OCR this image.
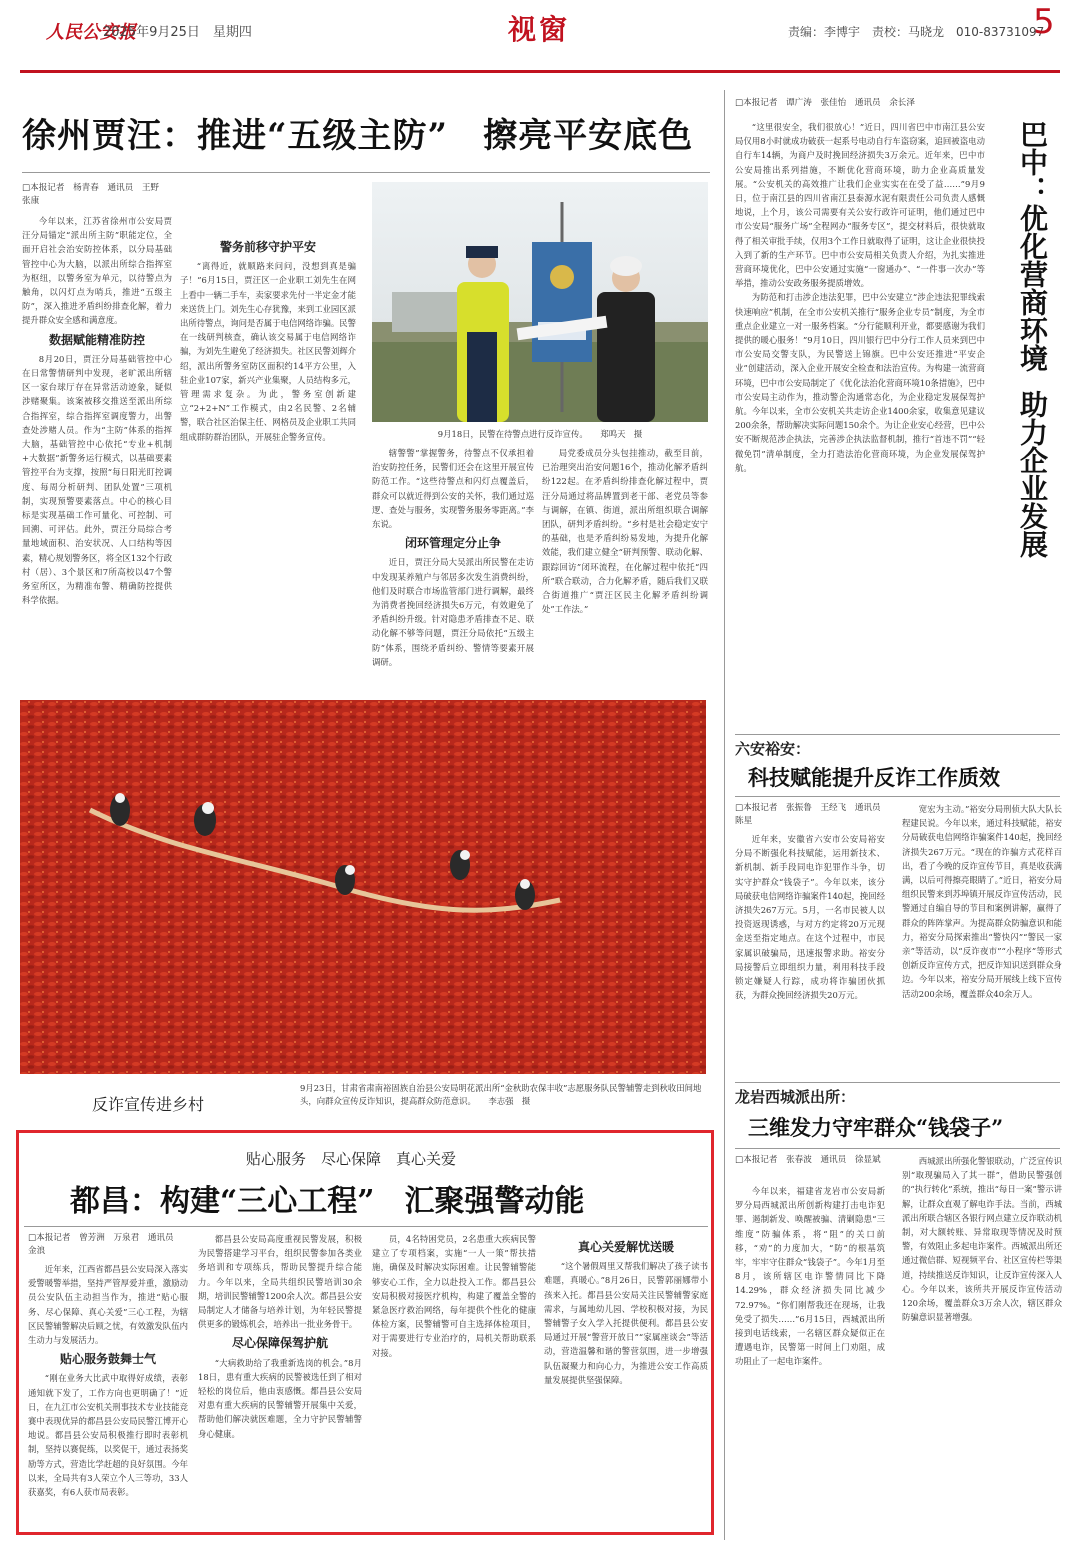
人民公安报
2025年9月25日　星期四	视窗	责编：李博宇　责校：马晓龙　010-83731097
5
徐州贾汪：推进“五级主防”　擦亮平安底色
□本报记者　杨青春　通讯员　王野　张康

今年以来，江苏省徐州市公安局贾汪分局锚定“派出所主防”职能定位，全面开启社会治安防控体系，以分局基础管控中心为大脑，以派出所综合指挥室为枢纽，以警务室为单元，以待警点为触角，以闪灯点为哨兵，推进“五级主防”，深入推进矛盾纠纷排查化解，着力提升群众安全感和满意度。

数据赋能精准防控

8月20日，贾汪分局基础管控中心在日常警情研判中发现，老旷派出所辖区一家台球厅存在异常活动迹象，疑似涉赌聚集。该案被移交推送至派出所综合指挥室，综合指挥室调度警力，出警查处涉赌人员。作为“主防”体系的指挥大脑，基础管控中心依托“专业+机制+大数据”新警务运行模式，以基础要素管控平台为支撑，按照“每日阳光盯控调度、每周分析研判、团队处置”三项机制，实现预警要素落点。中心的核心目标是实现基础工作可量化、可控制、可回溯、可评估。此外，贾汪分局综合考量地域面积、治安状况、人口结构等因素，精心规划警务区，将全区132个行政村（居）、3个景区和7所高校以47个警务室所区，为精准布警、精确防控提供科学依据。

警务前移守护平安

“离得近，就顺路来问问，没想到真是骗子！”6月15日，贾汪区一企业职工刘先生在网上看中一辆二手车，卖家要求先付一半定金才能来送货上门。刘先生心存犹豫，来到工业园区派出所待警点，询问是否属于电信网络诈骗。民警在一线研判核查，确认该交易属于电信网络诈骗，为刘先生避免了经济损失。社区民警刘辉介绍，派出所警务室防区面积约14平方公里，入驻企业107家，新兴产业集聚，人员结构多元，管理需求复杂。为此，警务室创新建立“2+2+N”工作模式，由2名民警、2名辅警，联合社区治保主任、网格员及企业职工共同组成群防群治团队，开展驻企警务宣传。	9月18日，民警在待警点进行反诈宣传。　　郑鸣天　摄

辖警警”掌握警务，待警点不仅承担着治安防控任务，民警们还会在这里开展宣传防范工作。“这些待警点和闪灯点覆盖后，群众可以就近得到公安的关怀，我们通过巡逻、查处与服务，实现警务服务零距离。”李东说。

闭环管理定分止争

近日，贾汪分局大吴派出所民警在走访中发现某养殖户与邻居多次发生消费纠纷，他们及时联合市场监管部门进行调解，最终为消费者挽回经济损失6万元，有效避免了矛盾纠纷升级。针对隐患矛盾排查不足、联动化解不够等问题，贾汪分局依托“五级主防”体系，围绕矛盾纠纷、警情等要素开展调研。

局党委成员分头包挂推动，截至目前，已治理突出治安问题16个，推动化解矛盾纠纷122起。在矛盾纠纷排查化解过程中，贾汪分局通过将品牌置到老干部、老党员等参与调解，在镇、街道，派出所组织联合调解团队，研判矛盾纠纷。“乡村是社会稳定安宁的基础，也是矛盾纠纷易发地，为提升化解效能，我们建立健全“研判预警、联动化解、跟踪回访”闭环流程，在化解过程中依托“四所”联合联动，合力化解矛盾，随后我们又联合街道推广“贾汪区民主化解矛盾纠纷调处”工作法。”

□本报记者　谭广涛　张佳怡　通讯员　余长泽

“这里很安全，我们很放心！”近日，四川省巴中市南江县公安局仅用8小时就成功破获一起系号电动自行车盗窃案，追回被盗电动自行车14辆，为商户及时挽回经济损失3万余元。近年来，巴中市公安局推出系列措施，不断优化营商环境，助力企业高质量发展。“公安机关的高效推广让我们企业实实在在受了益……”9月9日，位于南江县的四川省南江县泰源水泥有限责任公司负责人感慨地说，上个月，该公司需要有关公安行政许可证明，他们通过巴中市公安局“服务广场”全程网办“服务专区”，提交材料后，很快就取得了相关审批手续，仅用3个工作日就取得了证明，这让企业很快投入到了新的生产环节。巴中市公安局相关负责人介绍，为扎实推进营商环境优化，巴中公安通过实施“一窗通办”、“一件事一次办”等举措，推动公安政务服务提质增效。

为防范和打击涉企违法犯罪，巴中公安建立“涉企违法犯罪线索快速响应”机制，在全市公安机关推行“服务企业专员”制度，为全市重点企业建立一对一服务档案。“分行能顺利开业，都要感谢为我们提供的暖心服务！”9月10日，四川银行巴中分行工作人员来到巴中市公安局交警支队，为民警送上锦旗。巴中公安还推进“平安企业”创建活动，深入企业开展安全检查和法治宣传。为构建一流营商环境，巴中市公安局制定了《优化法治化营商环境10条措施》，巴中市公安局主动作为，推动警企沟通常态化，为企业稳定发展保驾护航。今年以来，全市公安机关共走访企业1400余家，收集意见建议200余条，帮助解决实际问题150余个。为让企业安心经营，巴中公安不断规范涉企执法，完善涉企执法监督机制，推行“首违不罚”“轻微免罚”清单制度，全力打造法治化营商环境，为企业发展保驾护航。

巴中：优化营商环境
助力企业发展
六安裕安：
科技赋能提升反诈工作质效
□本报记者　张振鲁　王经飞　通讯员　陈星

近年来，安徽省六安市公安局裕安分局不断强化科技赋能，运用新技术、新机制、新手段同电诈犯罪作斗争，切实守护群众“钱袋子”。今年以来，该分局破获电信网络诈骗案件140起，挽回经济损失267万元。5月，一名市民被人以投资返现诱惑，与对方约定将20万元现金送至指定地点。在这个过程中，市民家属识破骗局，迅速报警求助。裕安分局接警后立即组织力量，利用科技手段锁定嫌疑人行踪，成功将诈骗团伙抓获，为群众挽回经济损失20万元。

宽宏为主动。”裕安分局刑侦大队大队长程建民说。今年以来，通过科技赋能，裕安分局破获电信网络诈骗案件140起，挽回经济损失267万元。“现在的诈骗方式花样百出，看了今晚的反诈宣传节目，真是收获满满，以后可得擦亮眼睛了。”近日，裕安分局组织民警来到苏埠镇开展反诈宣传活动，民警通过自编自导的节目和案例讲解，赢得了群众的阵阵掌声。为提高群众防骗意识和能力，裕安分局探索推出“警快闪”“警民一家亲”等活动，以“反诈夜市”“小程序”等形式创新反诈宣传方式，把反诈知识送到群众身边。今年以来，裕安分局开展线上线下宣传活动200余场，覆盖群众40余万人。

反诈宣传进乡村
9月23日，甘肃省肃南裕固族自治县公安局明花派出所“金秋助农保丰收”志愿服务队民警辅警走到秋收田间地头，向群众宣传反诈知识，提高群众防范意识。　　李志强　摄	龙岩西城派出所：
三维发力守牢群众“钱袋子”
□本报记者　张春波　通讯员　徐显斌

今年以来，福建省龙岩市公安局新罗分局西城派出所创新构建打击电诈犯罪、遏制新发、唤醒被骗、清剿隐患“三维度”防骗体系，将“阻”的关口前移，“劝”的力度加大，“防”的根基筑牢，牢牢守住群众“钱袋子”。今年1月至8月，该所辖区电诈警情同比下降14.29%，群众经济损失同比减少72.97%。“你们刚帮我还在现场，让我免受了损失……”6月15日，西城派出所接到电话线索，一名辖区群众疑似正在遭遇电诈，民警第一时间上门劝阻，成功阻止了一起电诈案件。

西城派出所强化警银联动，广泛宣传识别“取现骗局入了其一群”，借助民警强创的“执行转化”系统，推出“每日一案”警示讲解，让群众直观了解电诈手法。当前，西城派出所联合辖区各银行网点建立反诈联动机制，对大额转账、异常取现等情况及时预警，有效阻止多起电诈案件。西城派出所还通过微信群、短视频平台、社区宣传栏等渠道，持续推送反诈知识，让反诈宣传深入人心。今年以来，该所共开展反诈宣传活动120余场，覆盖群众3万余人次，辖区群众防骗意识显著增强。

贴心服务　尽心保障　真心关爱
都昌：构建“三心工程”　汇聚强警动能
□本报记者　曾芳洲　万泉君　通讯员　金浪

近年来，江西省都昌县公安局深入落实爱警暖警举措，坚持严管厚爱并重，激励动员公安队伍主动担当作为，推进“贴心服务、尽心保障、真心关爱”三心工程，为辖区民警辅警解决后顾之忧，有效激发队伍内生动力与发展活力。

贴心服务鼓舞士气

“刚在业务大比武中取得好成绩，表彰通知就下发了，工作方向也更明确了！”近日，在九江市公安机关刑事技术专业技能竞赛中表现优异的都昌县公安局民警江博开心地说。都昌县公安局积极推行即时表彰机制，坚持以赛促练，以奖促干，通过表扬奖励等方式，营造比学赶超的良好氛围。今年以来，全局共有3人荣立个人三等功，33人获嘉奖，有6人获市局表彰。

都昌县公安局高度重视民警发展，积极为民警搭建学习平台，组织民警参加各类业务培训和专项练兵，帮助民警提升综合能力。今年以来，全局共组织民警培训30余期，培训民警辅警1200余人次。都昌县公安局制定人才储备与培养计划，为年轻民警提供更多的锻炼机会，培养出一批业务骨干。

尽心保障保驾护航

“大病救助给了我重新选岗的机会。”8月18日，患有重大疾病的民警被选任到了相对轻松的岗位后，他由衷感慨。都昌县公安局对患有重大疾病的民警辅警开展集中关爱，帮助他们解决就医难题，全力守护民警辅警身心健康。

员，4名特困党员，2名患重大疾病民警建立了专项档案，实施“一人一策”帮扶措施，确保及时解决实际困难。让民警辅警能够安心工作，全力以赴投入工作。都昌县公安局积极对接医疗机构，构建了覆盖全警的紧急医疗救治网络，每年提供个性化的健康体检方案，民警辅警可自主选择体检项目，对于需要进行专业治疗的，局机关帮助联系对接。

真心关爱解忧送暖

“这个暑假周里又帮我们解决了孩子读书难题，真暖心。”8月26日，民警郭丽娜带小孩来入托。都昌县公安局关注民警辅警家庭需求，与属地幼儿园、学校积极对接，为民警辅警子女入学入托提供便利。都昌县公安局通过开展“警营开放日”“家属座谈会”等活动，营造温馨和谐的警营氛围，进一步增强队伍凝聚力和向心力，为推进公安工作高质量发展提供坚强保障。
